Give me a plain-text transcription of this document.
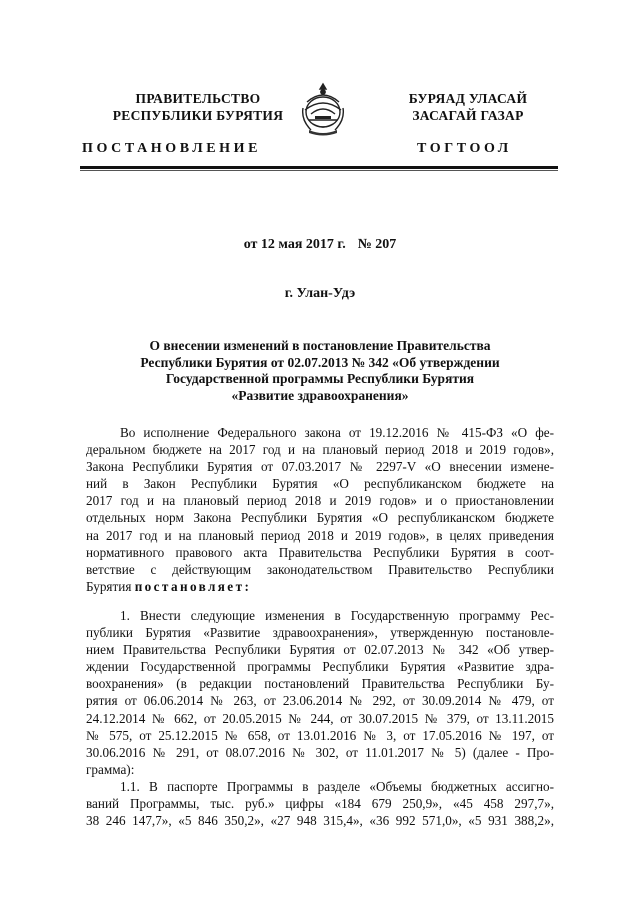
ПРАВИТЕЛЬСТВО
РЕСПУБЛИКИ БУРЯТИЯ
БУРЯАД УЛАСАЙ
ЗАСАГАЙ ГАЗАР
ПОСТАНОВЛЕНИЕ	ТОГТООЛ
от 12 мая 2017 г. № 207
г. Улан-Удэ
О внесении изменений в постановление Правительства
Республики Бурятия от 02.07.2013 № 342 «Об утверждении
Государственной программы Республики Бурятия
«Развитие здравоохранения»

Во исполнение Федерального закона от 19.12.2016 № 415-ФЗ «О фе-
деральном бюджете на 2017 год и на плановый период 2018 и 2019 годов»,
Закона Республики Бурятия от 07.03.2017 № 2297-V «О внесении измене-
ний в Закон Республики Бурятия «О республиканском бюджете на
2017 год и на плановый период 2018 и 2019 годов» и о приостановлении
отдельных норм Закона Республики Бурятия «О республиканском бюджете
на 2017 год и на плановый период 2018 и 2019 годов», в целях приведения
нормативного правового акта Правительства Республики Бурятия в соот-
ветствие с действующим законодательством Правительство Республики
Бурятия постановляет:

1. Внести следующие изменения в Государственную программу Рес-
публики Бурятия «Развитие здравоохранения», утвержденную постановле-
нием Правительства Республики Бурятия от 02.07.2013 № 342 «Об утвер-
ждении Государственной программы Республики Бурятия «Развитие здра-
воохранения» (в редакции постановлений Правительства Республики Бу-
рятия от 06.06.2014 № 263, от 23.06.2014 № 292, от 30.09.2014 № 479, от
24.12.2014 № 662, от 20.05.2015 № 244, от 30.07.2015 № 379, от 13.11.2015
№ 575, от 25.12.2015 № 658, от 13.01.2016 № 3, от 17.05.2016 № 197, от
30.06.2016 № 291, от 08.07.2016 № 302, от 11.01.2017 № 5) (далее - Про-
грамма):

1.1. В паспорте Программы в разделе «Объемы бюджетных ассигно-
ваний Программы, тыс. руб.» цифры «184 679 250,9», «45 458 297,7»,
38 246 147,7», «5 846 350,2», «27 948 315,4», «36 992 571,0», «5 931 388,2»,
